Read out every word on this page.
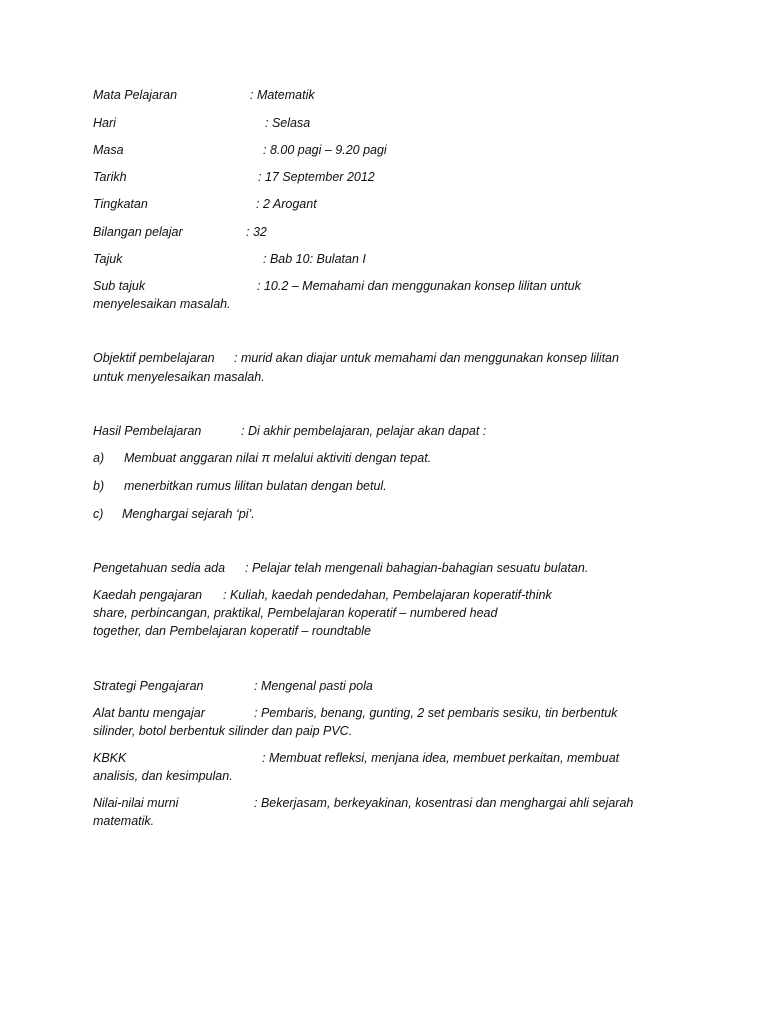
Mata Pelajaran	: Matematik
Hari	: Selasa
Masa	: 8.00 pagi – 9.20 pagi
Tarikh	: 17 September 2012
Tingkatan	: 2 Arogant
Bilangan pelajar	: 32
Tajuk	: Bab 10: Bulatan I
Sub tajuk	: 10.2 – Memahami dan menggunakan konsep lilitan untuk
menyelesaikan masalah.
Objektif pembelajaran : murid akan diajar untuk memahami dan menggunakan konsep lilitan
untuk menyelesaikan masalah.
Hasil Pembelajaran	: Di akhir pembelajaran, pelajar akan dapat :
a) Membuat anggaran nilai π melalui aktiviti dengan tepat.
b) menerbitkan rumus lilitan bulatan dengan betul.
c) Menghargai sejarah ‘pi’.
Pengetahuan sedia ada : Pelajar telah mengenali bahagian-bahagian sesuatu bulatan.
Kaedah pengajaran : Kuliah, kaedah pendedahan, Pembelajaran koperatif-think
share, perbincangan, praktikal, Pembelajaran koperatif – numbered head
together, dan Pembelajaran koperatif – roundtable
Strategi Pengajaran	: Mengenal pasti pola
Alat bantu mengajar	: Pembaris, benang, gunting, 2 set pembaris sesiku, tin berbentuk
silinder, botol berbentuk silinder dan paip PVC.
KBKK	: Membuat refleksi, menjana idea, membuet perkaitan, membuat
analisis, dan kesimpulan.
Nilai-nilai murni	: Bekerjasam, berkeyakinan, kosentrasi dan menghargai ahli sejarah
matematik.
